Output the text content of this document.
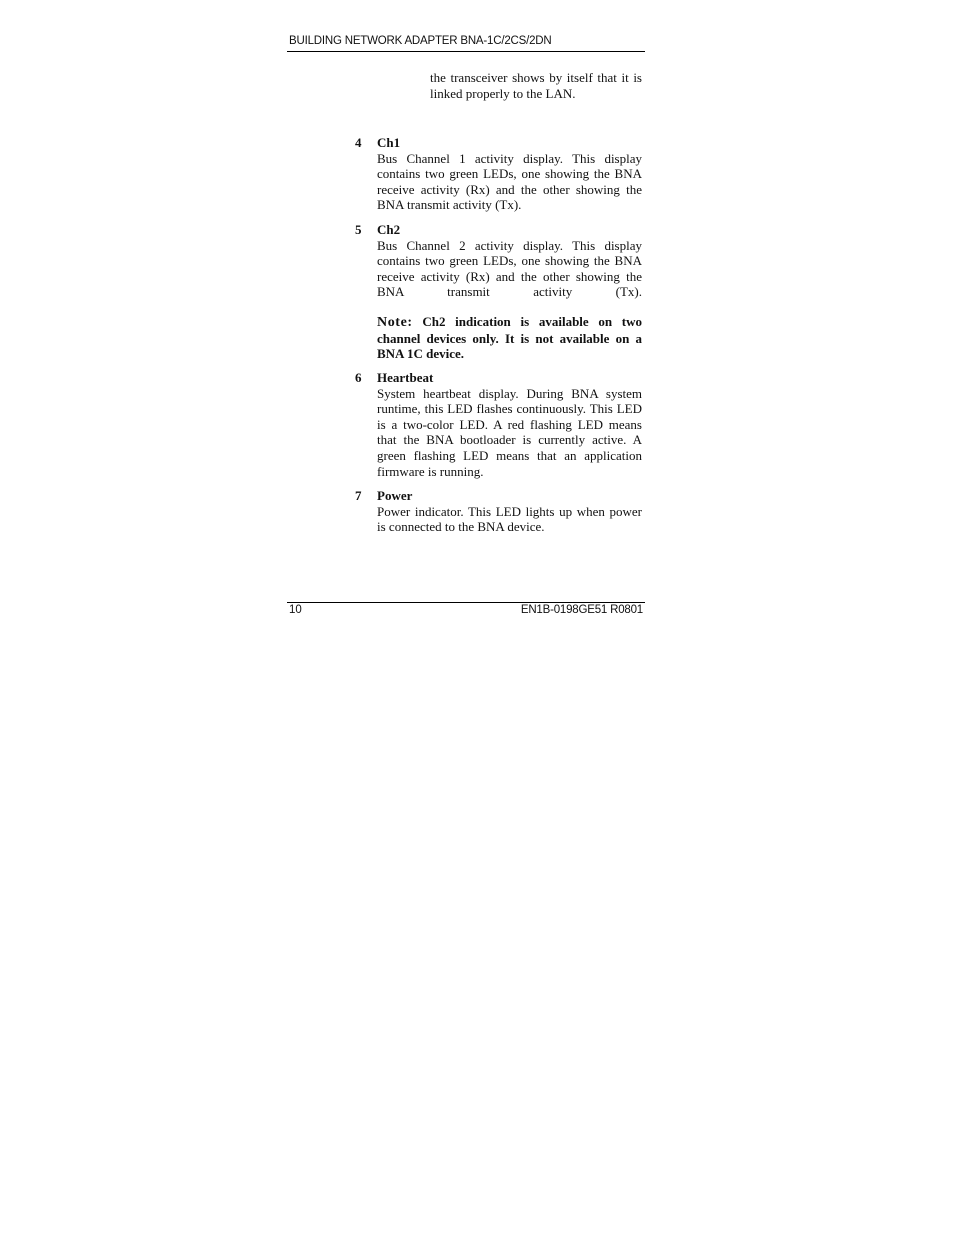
BUILDING NETWORK ADAPTER BNA-1C/2CS/2DN

the transceiver shows by itself that it is linked properly to the LAN.

4 Ch1

Bus Channel 1 activity display. This display contains two green LEDs, one showing the BNA receive activity (Rx) and the other showing the BNA transmit activity (Tx).

5 Ch2

Bus Channel 2 activity display. This display contains two green LEDs, one showing the BNA receive activity (Rx) and the other showing the BNA transmit activity (Tx).

Note: Ch2 indication is available on two channel devices only. It is not available on a BNA 1C device.

6 Heartbeat

System heartbeat display. During BNA system runtime, this LED flashes continuously. This LED is a two-color LED. A red flashing LED means that the BNA bootloader is currently active. A green flashing LED means that an application firmware is running.

7 Power

Power indicator. This LED lights up when power is connected to the BNA device.

10	EN1B-0198GE51 R0801
